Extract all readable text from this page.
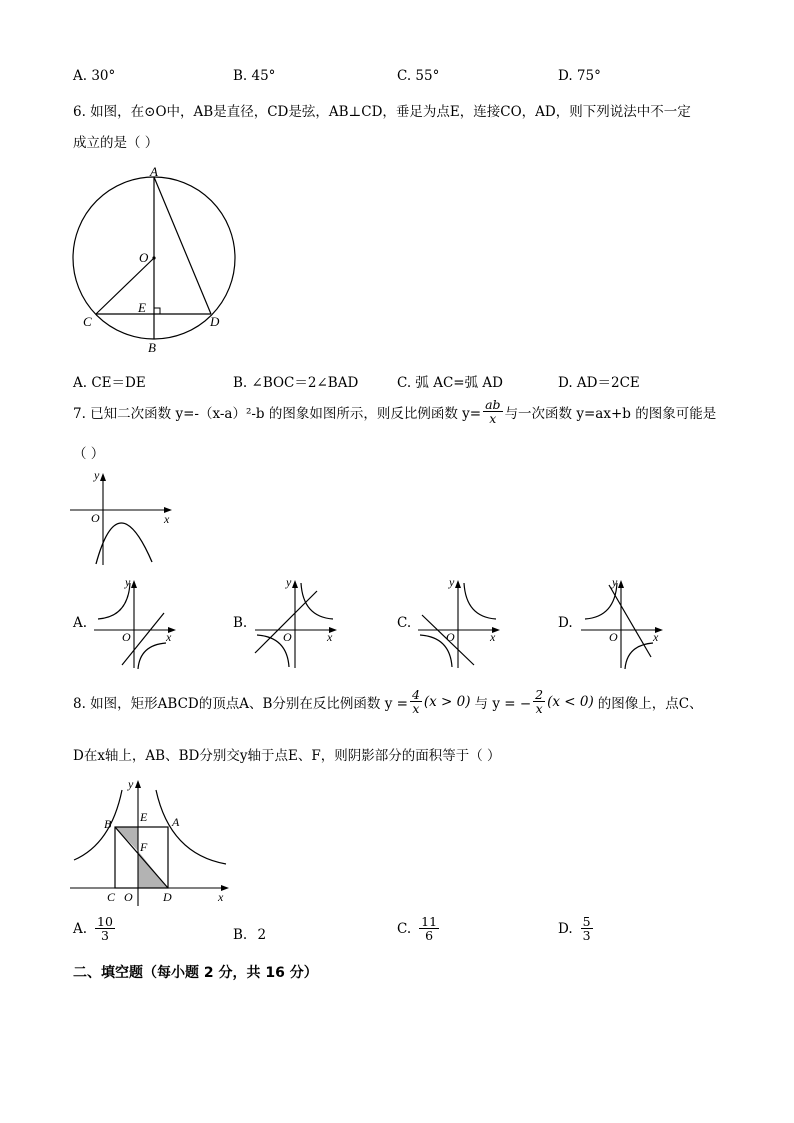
A. 30°	B. 45°	C. 55°	D. 75°
6. 如图，在⊙O中，AB是直径，CD是弦，AB⊥CD，垂足为点E，连接CO，AD，则下列说法中不一定
成立的是（ ）
A
O
E
C	D
B
A. CE＝DE	B. ∠BOC＝2∠BAD	C. 弧 AC=弧 AD	D. AD＝2CE
7. 已知二次函数 y=-（x-a）²-b 的图象如图所示，则反比例函数 $y= \frac{ab}{x}$ 与一次函数 y=ax+b 的图象可能是
（ ）
y
x
O
A.
y
O	x
B.
y
O	x
C.
y
O	x
D.
y
O	x
8. 如图，矩形ABCD的顶点A、B分别在反比例函数 $y = \frac{4}{x} (x > 0)$ 与 y = − $\frac{2}{x} (x < 0)$ 的图像上，点C、
D在x轴上，AB、BD分别交y轴于点E、F，则阴影部分的面积等于（ ）
y
x
B E A
F
C O	D
A. $\frac{10}{3}$	B. 2	C. $\frac{11}{6}$	D. $\frac{5}{3}$
二、填空题（每小题 2 分，共 16 分）
